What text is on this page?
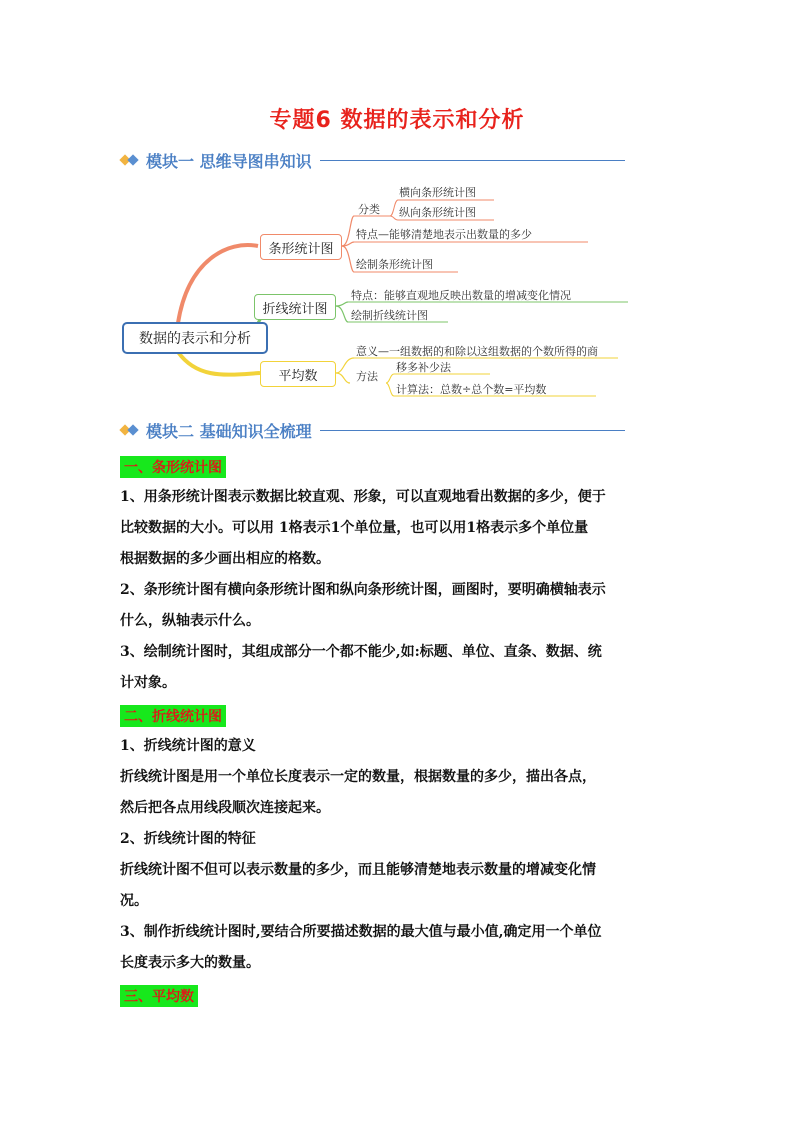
专题6 数据的表示和分析
模块一 思维导图串知识
数据的表示和分析
条形统计图
折线统计图
平均数
分类
横向条形统计图
纵向条形统计图
特点—能够清楚地表示出数量的多少
绘制条形统计图
特点：能够直观地反映出数量的增减变化情况
绘制折线统计图
意义—一组数据的和除以这组数据的个数所得的商
方法
移多补少法
计算法：总数÷总个数=平均数
模块二 基础知识全梳理
一、条形统计图
1、用条形统计图表示数据比较直观、形象，可以直观地看出数据的多少，便于
比较数据的大小。可以用 1格表示1个单位量，也可以用1格表示多个单位量
根据数据的多少画出相应的格数。
2、条形统计图有横向条形统计图和纵向条形统计图，画图时，要明确横轴表示
什么，纵轴表示什么。
3、绘制统计图时，其组成部分一个都不能少,如:标题、单位、直条、数据、统
计对象。
二、折线统计图
1、折线统计图的意义
折线统计图是用一个单位长度表示一定的数量，根据数量的多少，描出各点，
然后把各点用线段顺次连接起来。
2、折线统计图的特征
折线统计图不但可以表示数量的多少，而且能够清楚地表示数量的增减变化情
况。
3、制作折线统计图时,要结合所要描述数据的最大值与最小值,确定用一个单位
长度表示多大的数量。
三、平均数
